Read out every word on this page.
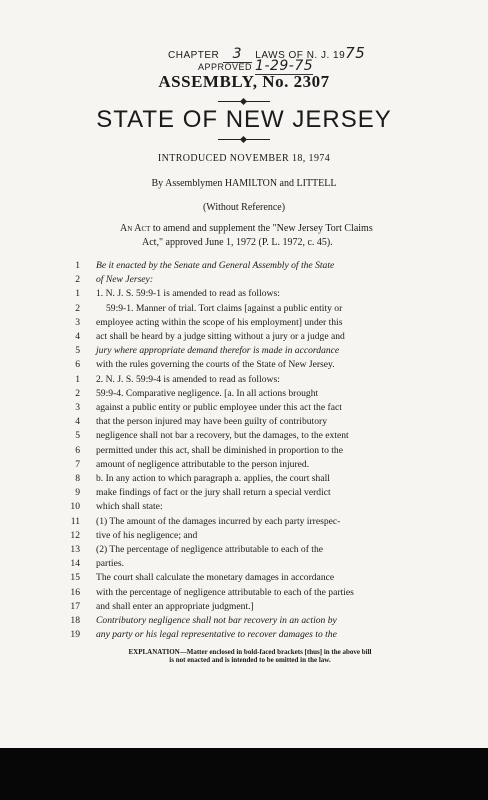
CHAPTER 3 LAWS OF N. J. 1975
APPROVED 1-29-75
ASSEMBLY, No. 2307
STATE OF NEW JERSEY
INTRODUCED NOVEMBER 18, 1974
By Assemblymen HAMILTON and LITTELL
(Without Reference)
An Act to amend and supplement the "New Jersey Tort Claims
Act," approved June 1, 1972 (P. L. 1972, c. 45).
1 Be it enacted by the Senate and General Assembly of the State
2 of New Jersey:
1 1. N. J. S. 59:9-1 is amended to read as follows:
2	59:9-1. Manner of trial. Tort claims [against a public entity or
3 employee acting within the scope of his employment] under this
4 act shall be heard by a judge sitting without a jury or a judge and
5 jury where appropriate demand therefor is made in accordance
6 with the rules governing the courts of the State of New Jersey.
1 2. N. J. S. 59:9-4 is amended to read as follows:
2 59:9-4. Comparative negligence. [a. In all actions brought
3 against a public entity or public employee under this act the fact
4 that the person injured may have been guilty of contributory
5 negligence shall not bar a recovery, but the damages, to the extent
6 permitted under this act, shall be diminished in proportion to the
7 amount of negligence attributable to the person injured.
8 b. In any action to which paragraph a. applies, the court shall
9 make findings of fact or the jury shall return a special verdict
10 which shall state:
11 (1) The amount of the damages incurred by each party irrespec-
12 tive of his negligence; and
13 (2) The percentage of negligence attributable to each of the
14 parties.
15 The court shall calculate the monetary damages in accordance
16 with the percentage of negligence attributable to each of the parties
17 and shall enter an appropriate judgment.]
18 Contributory negligence shall not bar recovery in an action by
19 any party or his legal representative to recover damages to the
EXPLANATION—Matter enclosed in bold-faced brackets [thus] in the above bill
is not enacted and is intended to be omitted in the law.
